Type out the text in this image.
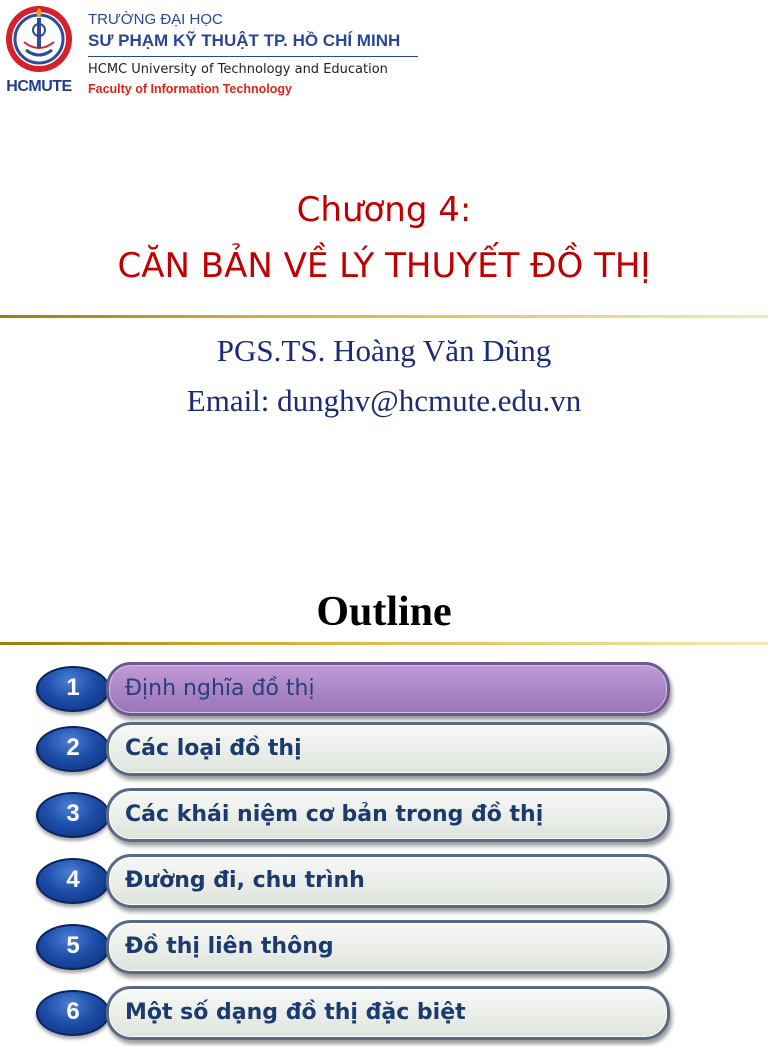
HCMUTE
TRƯỜNG ĐẠI HỌC
SƯ PHẠM KỸ THUẬT TP. HỒ CHÍ MINH
HCMC University of Technology and Education
Faculty of Information Technology
Chương 4:
CĂN BẢN VỀ LÝ THUYẾT ĐỒ THỊ
PGS.TS. Hoàng Văn Dũng
Email: dunghv@hcmute.edu.vn
Outline
1	Định nghĩa đồ thị
2	Các loại đồ thị
3	Các khái niệm cơ bản trong đồ thị
4	Đường đi, chu trình
5	Đồ thị liên thông
6	Một số dạng đồ thị đặc biệt
